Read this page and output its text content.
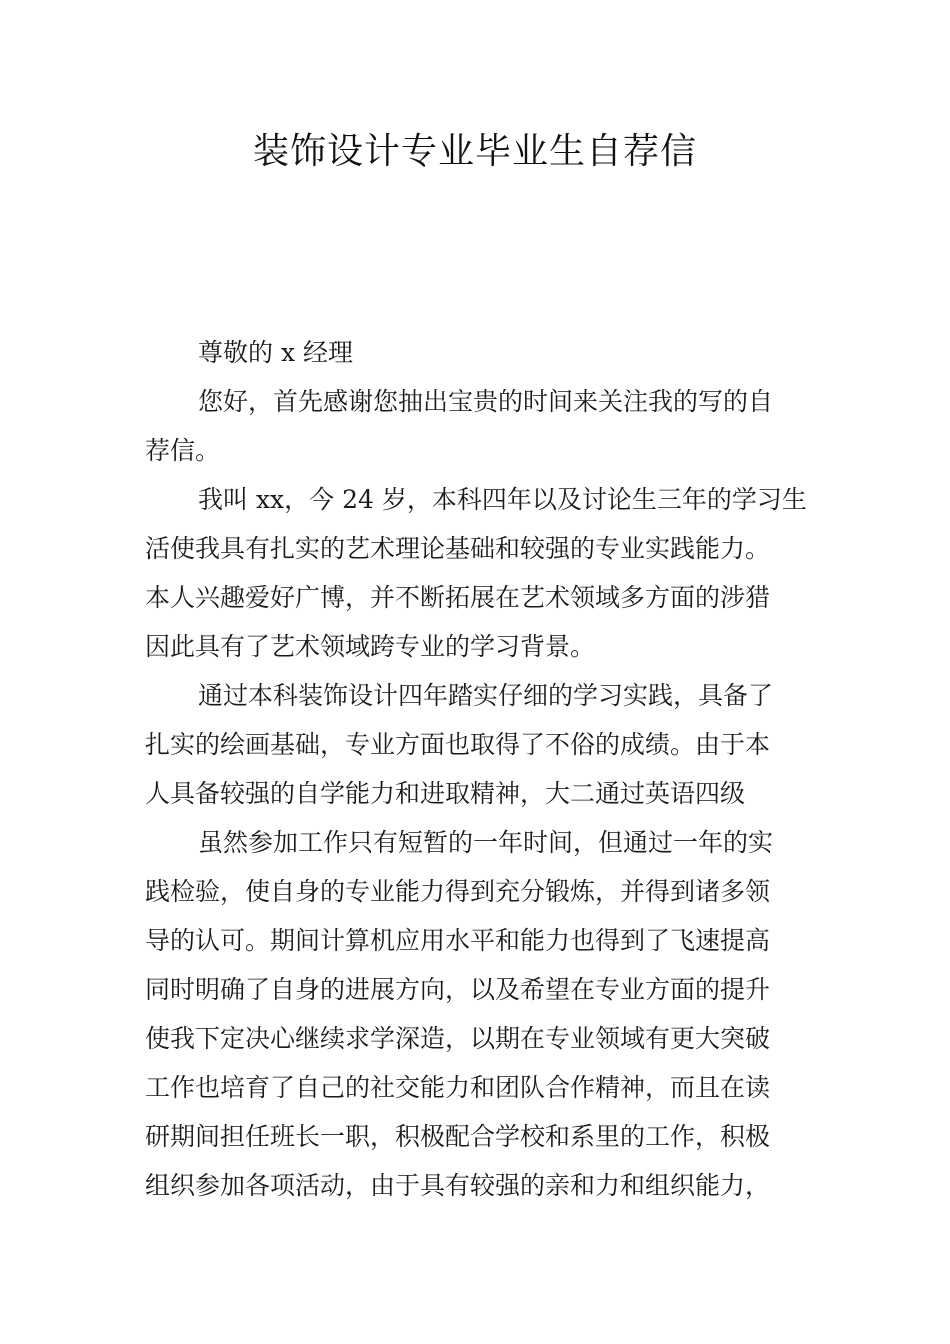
装饰设计专业毕业生自荐信
尊敬的 x 经理
您好，首先感谢您抽出宝贵的时间来关注我的写的自
荐信。
我叫 xx，今 24 岁，本科四年以及讨论生三年的学习生
活使我具有扎实的艺术理论基础和较强的专业实践能力。
本人兴趣爱好广博，并不断拓展在艺术领域多方面的涉猎
因此具有了艺术领域跨专业的学习背景。
通过本科装饰设计四年踏实仔细的学习实践，具备了
扎实的绘画基础，专业方面也取得了不俗的成绩。由于本
人具备较强的自学能力和进取精神，大二通过英语四级
虽然参加工作只有短暂的一年时间，但通过一年的实
践检验，使自身的专业能力得到充分锻炼，并得到诸多领
导的认可。期间计算机应用水平和能力也得到了飞速提高
同时明确了自身的进展方向，以及希望在专业方面的提升
使我下定决心继续求学深造，以期在专业领域有更大突破
工作也培育了自己的社交能力和团队合作精神，而且在读
研期间担任班长一职，积极配合学校和系里的工作，积极
组织参加各项活动，由于具有较强的亲和力和组织能力，
